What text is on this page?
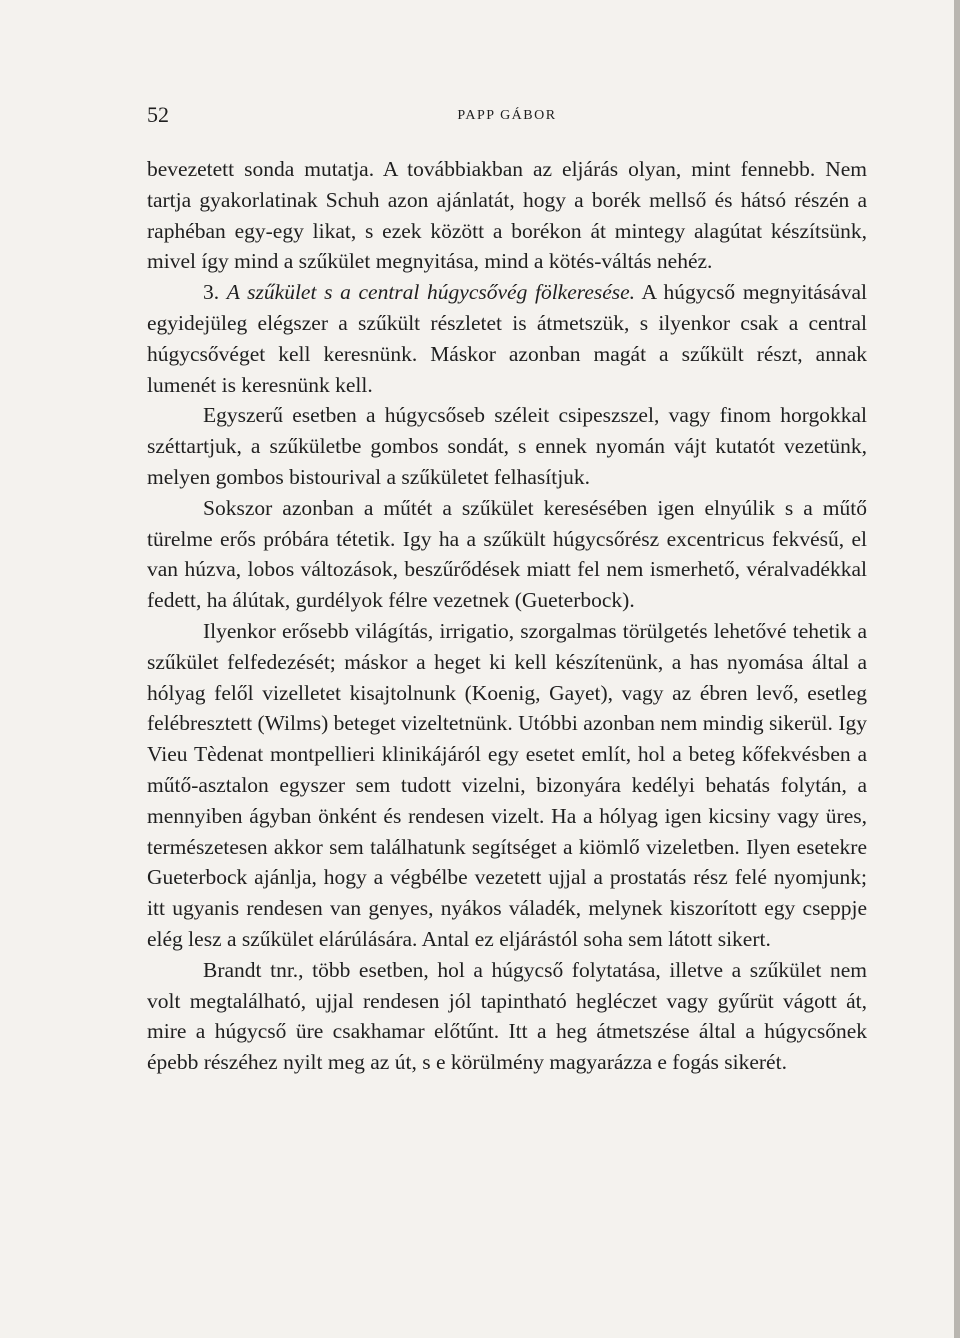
52	PAPP GÁBOR

bevezetett sonda mutatja. A továbbiakban az eljárás olyan, mint fennebb. Nem tartja gyakorlatinak Schuh azon ajánlatát, hogy a borék mellső és hátsó részén a raphéban egy-egy likat, s ezek között a borékon át mintegy alagútat készítsünk, mivel így mind a szűkület megnyitása, mind a kötés-váltás nehéz.

3. A szűkület s a central húgycsővég fölkeresése. A húgycső megnyitásával egyidejüleg elégszer a szűkült részletet is átmetszük, s ilyenkor csak a central húgycsővéget kell keresnünk. Máskor azonban magát a szűkült részt, annak lumenét is keresnünk kell.

Egyszerű esetben a húgycsőseb széleit csipeszszel, vagy finom horgokkal széttartjuk, a szűkületbe gombos sondát, s ennek nyomán vájt kutatót vezetünk, melyen gombos bistourival a szűkületet felhasítjuk.

Sokszor azonban a műtét a szűkület keresésében igen elnyúlik s a műtő türelme erős próbára tétetik. Igy ha a szűkült húgycsőrész excentricus fekvésű, el van húzva, lobos változások, beszűrődések miatt fel nem ismerhető, véralvadékkal fedett, ha álútak, gurdélyok félre vezetnek (Gueterbock).

Ilyenkor erősebb világítás, irrigatio, szorgalmas törülgetés lehetővé tehetik a szűkület felfedezését; máskor a heget ki kell készítenünk, a has nyomása által a hólyag felől vizelletet kisajtolnunk (Koenig, Gayet), vagy az ébren levő, esetleg felébresztett (Wilms) beteget vizeltetnünk. Utóbbi azonban nem mindig sikerül. Igy Vieu Tèdenat montpellieri klinikájáról egy esetet említ, hol a beteg kőfekvésben a műtő-asztalon egyszer sem tudott vizelni, bizonyára kedélyi behatás folytán, a mennyiben ágyban önként és rendesen vizelt. Ha a hólyag igen kicsiny vagy üres, természetesen akkor sem találhatunk segítséget a kiömlő vizeletben. Ilyen esetekre Gueterbock ajánlja, hogy a végbélbe vezetett ujjal a prostatás rész felé nyomjunk; itt ugyanis rendesen van genyes, nyákos váladék, melynek kiszorított egy cseppje elég lesz a szűkület elárúlására. Antal ez eljárástól soha sem látott sikert.

Brandt tnr., több esetben, hol a húgycső folytatása, illetve a szűkület nem volt megtalálható, ujjal rendesen jól tapintható hegléczet vagy gyűrüt vágott át, mire a húgycső üre csakhamar előtűnt. Itt a heg átmetszése által a húgycsőnek épebb részéhez nyilt meg az út, s e körülmény magyarázza e fogás sikerét.
